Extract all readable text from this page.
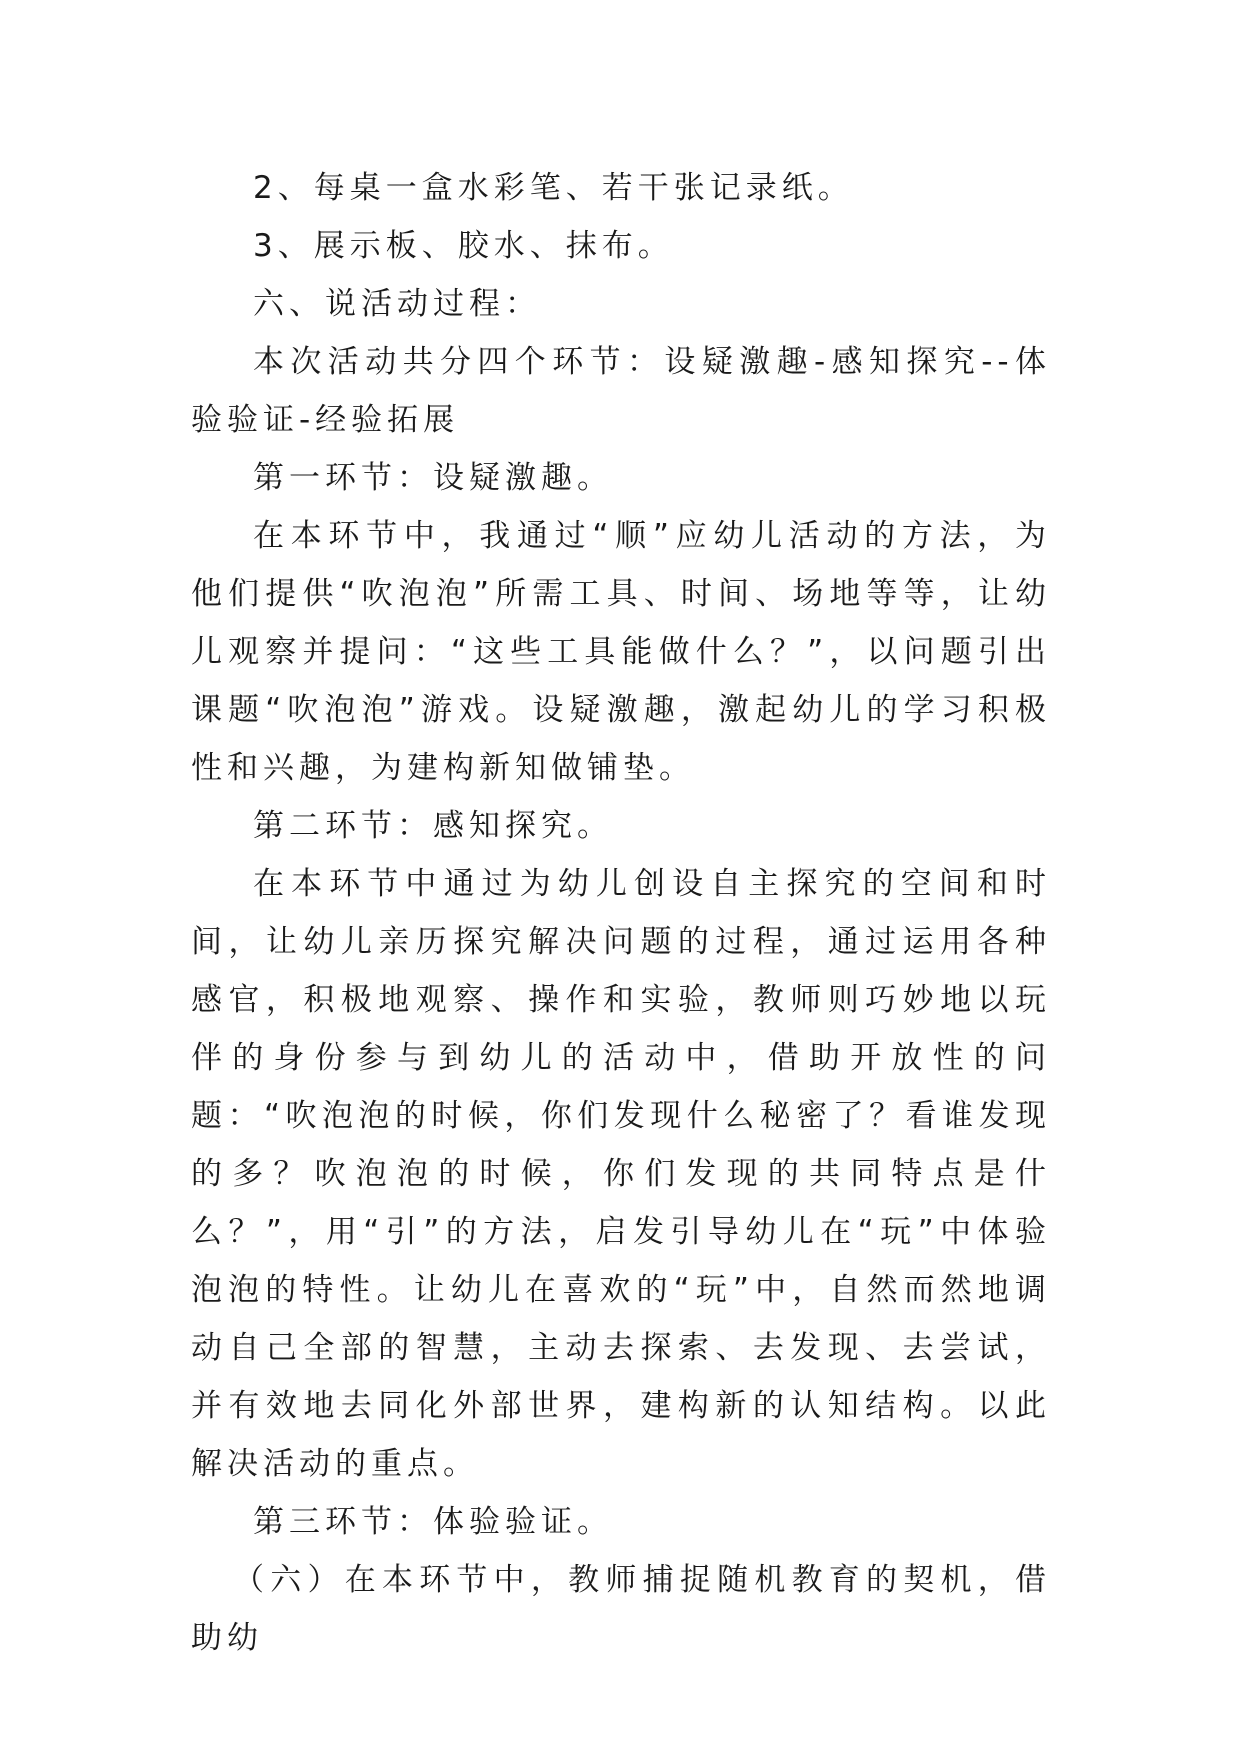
2、每桌一盒水彩笔、若干张记录纸。

3、展示板、胶水、抹布。

六、说活动过程：

本次活动共分四个环节：设疑激趣-感知探究--体验验证-经验拓展

第一环节：设疑激趣。

在本环节中，我通过“顺”应幼儿活动的方法，为他们提供“吹泡泡”所需工具、时间、场地等等，让幼儿观察并提问：“这些工具能做什么？”，以问题引出课题“吹泡泡”游戏。设疑激趣，激起幼儿的学习积极性和兴趣，为建构新知做铺垫。

第二环节：感知探究。

在本环节中通过为幼儿创设自主探究的空间和时间，让幼儿亲历探究解决问题的过程，通过运用各种感官，积极地观察、操作和实验，教师则巧妙地以玩伴的身份参与到幼儿的活动中，借助开放性的问题：“吹泡泡的时候，你们发现什么秘密了？看谁发现的多？吹泡泡的时候，你们发现的共同特点是什么？”，用“引”的方法，启发引导幼儿在“玩”中体验泡泡的特性。让幼儿在喜欢的“玩”中，自然而然地调动自己全部的智慧，主动去探索、去发现、去尝试，并有效地去同化外部世界，建构新的认知结构。以此解决活动的重点。

第三环节：体验验证。

（六）在本环节中，教师捕捉随机教育的契机，借助幼
